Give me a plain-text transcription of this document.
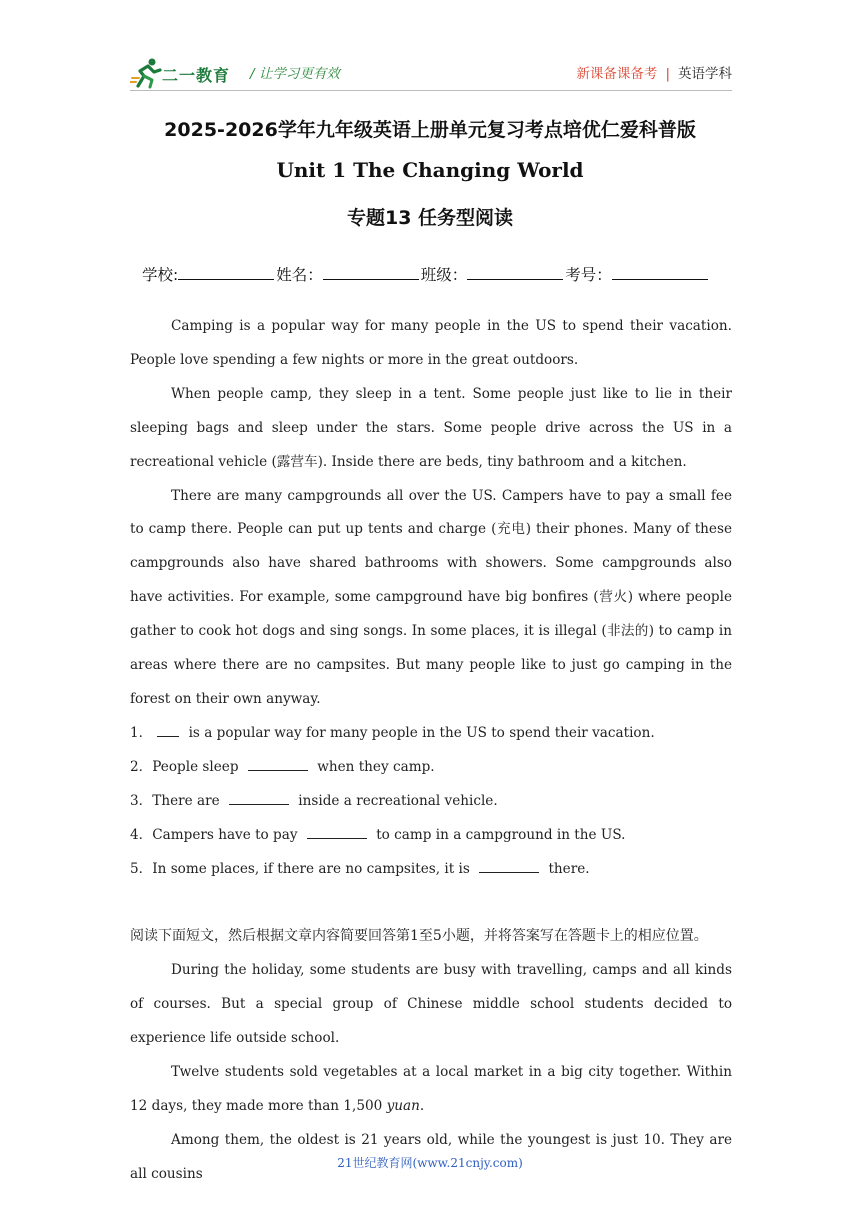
二一教育 / 让学习更有效	新课备课备考 | 英语学科
2025-2026学年九年级英语上册单元复习考点培优仁爱科普版
Unit 1 The Changing World
专题13 任务型阅读
学校:	姓名：	班级：	考号：

Camping is a popular way for many people in the US to spend their vacation. People love spending a few nights or more in the great outdoors.

When people camp, they sleep in a tent. Some people just like to lie in their sleeping bags and sleep under the stars. Some people drive across the US in a recreational vehicle (露营车). Inside there are beds, tiny bathroom and a kitchen.

There are many campgrounds all over the US. Campers have to pay a small fee to camp there. People can put up tents and charge (充电) their phones. Many of these campgrounds also have shared bathrooms with showers. Some campgrounds also have activities. For example, some campground have big bonfires (营火) where people gather to cook hot dogs and sing songs. In some places, it is illegal (非法的) to camp in areas where there are no campsites. But many people like to just go camping in the forest on their own anyway.

1． is a popular way for many people in the US to spend their vacation.

2．People sleep	when they camp.

3．There are	inside a recreational vehicle.

4．Campers have to pay	to camp in a campground in the US.

5．In some places, if there are no campsites, it is	there.

阅读下面短文，然后根据文章内容简要回答第1至5小题，并将答案写在答题卡上的相应位置。

During the holiday, some students are busy with travelling, camps and all kinds of courses. But a special group of Chinese middle school students decided to experience life outside school.

Twelve students sold vegetables at a local market in a big city together. Within 12 days, they made more than 1,500 yuan.

Among them, the oldest is 21 years old, while the youngest is just 10. They are all cousins

21世纪教育网(www.21cnjy.com)
